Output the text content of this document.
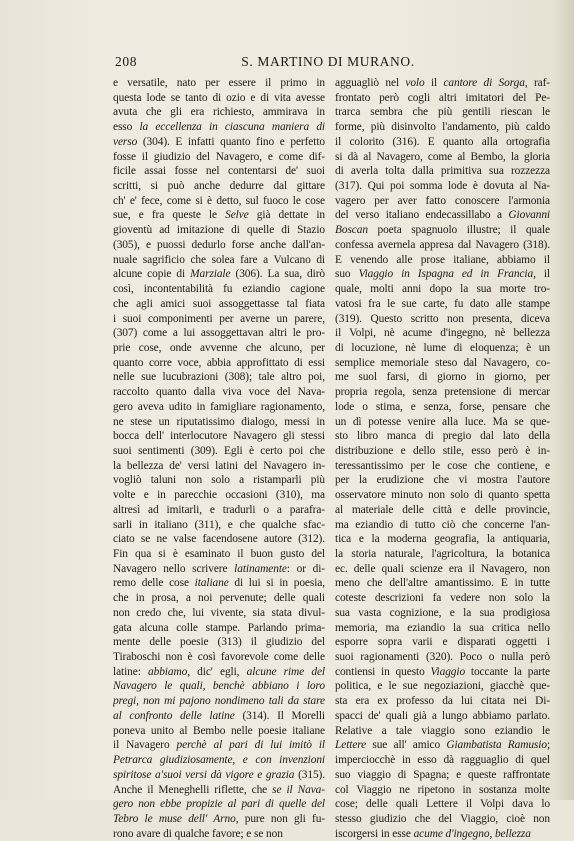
208	S. MARTINO DI MURANO.
e versatile, nato per essere il primo in
questa lode se tanto di ozio e di vita avesse
avuta che gli era richiesto, ammirava in
esso la eccellenza in ciascuna maniera di
verso (304). E infatti quanto fino e perfetto
fosse il giudizio del Navagero, e come dif-
ficile assai fosse nel contentarsi de' suoi
scritti, si può anche dedurre dal gittare
ch' e' fece, come si è detto, sul fuoco le cose
sue, e fra queste le Selve già dettate in
gioventù ad imitazione di quelle di Stazio
(305), e puossi dedurlo forse anche dall'an-
nuale sagrificio che solea fare a Vulcano di
alcune copie di Marziale (306). La sua, dirò
così, incontentabilità fu eziandio cagione
che agli amici suoi assoggettasse tal fiata
i suoi componimenti per averne un parere,
(307) come a lui assoggettavan altri le pro-
prie cose, onde avvenne che alcuno, per
quanto corre voce, abbia approfittato di essi
nelle sue lucubrazioni (308); tale altro poi,
raccolto quanto dalla viva voce del Nava-
gero aveva udito in famigliare ragionamento,
ne stese un riputatissimo dialogo, messi in
bocca dell' interlocutore Navagero gli stessi
suoi sentimenti (309). Egli è certo poi che
la bellezza de' versi latini del Navagero in-
vogliò taluni non solo a ristamparli più
volte e in parecchie occasioni (310), ma
altresì ad imitarli, e tradurli o a parafra-
sarli in italiano (311), e che qualche sfac-
ciato se ne valse facendosene autore (312).
Fin qua si è esaminato il buon gusto del
Navagero nello scrivere latinamente: or di-
remo delle cose italiane di lui si in poesia,
che in prosa, a noi pervenute; delle quali
non credo che, lui vivente, sia stata divul-
gata alcuna colle stampe. Parlando prima-
mente delle poesie (313) il giudizio del
Tiraboschi non è così favorevole come delle
latine: abbiamo, dic' egli, alcune rime del
Navagero le quali, benchè abbiano i loro
pregi, non mi pajono nondimeno tali da stare
al confronto delle latine (314). Il Morelli
poneva unito al Bembo nelle poesie italiane
il Navagero perchè al pari di lui imitò il
Petrarca giudiziosamente, e con invenzioni
spiritose a'suoi versi dà vigore e grazia (315).
Anche il Meneghelli riflette, che se il Nava-
gero non ebbe propizie al pari di quelle del
Tebro le muse dell' Arno, pure non gli fu-
rono avare di qualche favore; e se non
agguagliò nel volo il cantore di Sorga, raf-
frontato però cogli altri imitatori del Pe-
trarca sembra che più gentili riescan le
forme, più disinvolto l'andamento, più caldo
il colorito (316). E quanto alla ortografia
si dà al Navagero, come al Bembo, la gloria
di averla tolta dalla primitiva sua rozzezza
(317). Qui poi somma lode è dovuta al Na-
vagero per aver fatto conoscere l'armonia
del verso italiano endecassillabo a Giovanni
Boscan poeta spagnuolo illustre; il quale
confessa avernela appresa dal Navagero (318).
E venendo alle prose italiane, abbiamo il
suo Viaggio in Ispagna ed in Francia, il
quale, molti anni dopo la sua morte tro-
vatosi fra le sue carte, fu dato alle stampe
(319). Questo scritto non presenta, diceva
il Volpi, nè acume d'ingegno, nè bellezza
di locuzione, nè lume di eloquenza; è un
semplice memoriale steso dal Navagero, co-
me suol farsi, di giorno in giorno, per
propria regola, senza pretensione di mercar
lode o stima, e senza, forse, pensare che
un dì potesse venire alla luce. Ma se que-
sto libro manca di pregio dal lato della
distribuzione e dello stile, esso però è in-
teressantissimo per le cose che contiene, e
per la erudizione che vi mostra l'autore
osservatore minuto non solo di quanto spetta
al materiale delle città e delle provincie,
ma eziandio di tutto ciò che concerne l'an-
tica e la moderna geografia, la antiquaria,
la storia naturale, l'agricoltura, la botanica
ec. delle quali scienze era il Navagero, non
meno che dell'altre amantissimo. E in tutte
coteste descrizioni fa vedere non solo la
sua vasta cognizione, e la sua prodigiosa
memoria, ma eziandio la sua critica nello
esporre sopra varii e disparati oggetti i
suoi ragionamenti (320). Poco o nulla però
contiensi in questo Viaggio toccante la parte
politica, e le sue negoziazioni, giacchè que-
sta era ex professo da lui citata nei Di-
spacci de' quali già a lungo abbiamo parlato.
Relative a tale viaggio sono eziandio le
Lettere sue all' amico Giambatista Ramusio;
imperciocchè in esso dà ragguaglio di quel
suo viaggio di Spagna; e queste raffrontate
col Viaggio ne ripetono in sostanza molte
cose; delle quali Lettere il Volpi dava lo
stesso giudizio che del Viaggio, cioè non
iscorgersi in esse acume d'ingegno, bellezza
